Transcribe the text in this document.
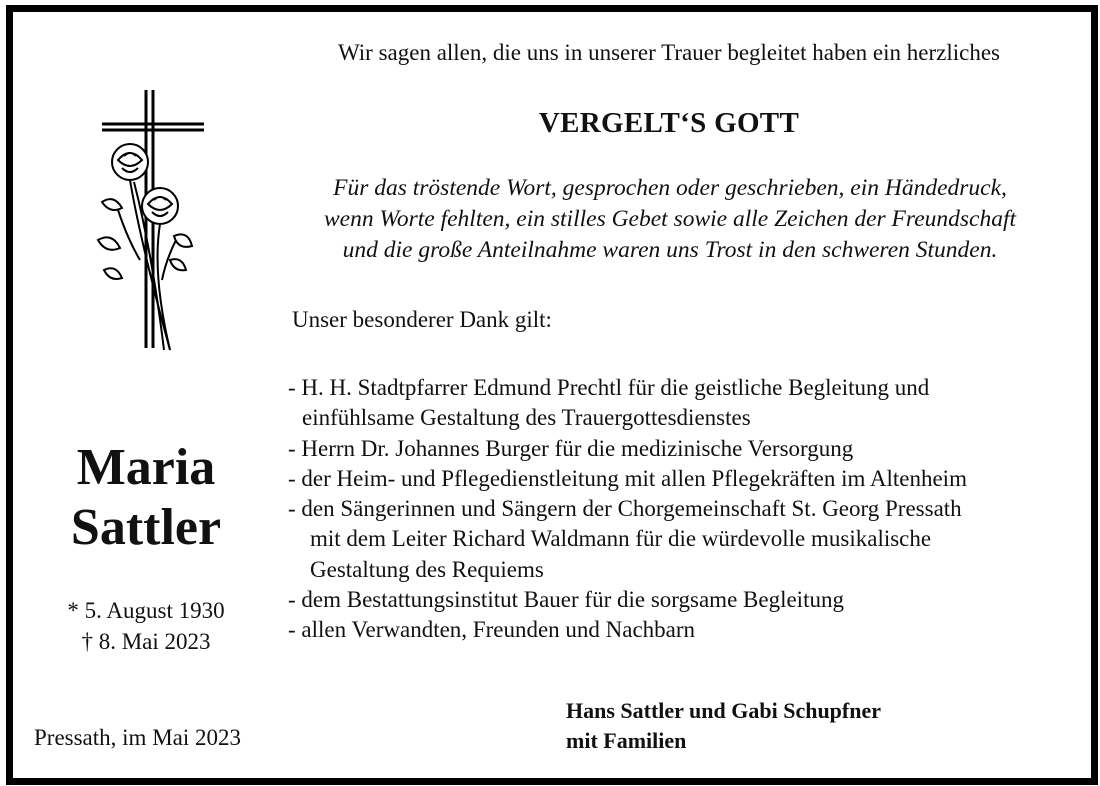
Wir sagen allen, die uns in unserer Trauer begleitet haben ein herzliches
VERGELT‘S GOTT
Für das tröstende Wort, gesprochen oder geschrieben, ein Händedruck,
wenn Worte fehlten, ein stilles Gebet sowie alle Zeichen der Freundschaft
und die große Anteilnahme waren uns Trost in den schweren Stunden.
Unser besonderer Dank gilt:
- H. H. Stadtpfarrer Edmund Prechtl für die geistliche Begleitung und
einfühlsame Gestaltung des Trauergottesdienstes
- Herrn Dr. Johannes Burger für die medizinische Versorgung
- der Heim- und Pflegedienstleitung mit allen Pflegekräften im Altenheim
- den Sängerinnen und Sängern der Chorgemeinschaft St. Georg Pressath
mit dem Leiter Richard Waldmann für die würdevolle musikalische
Gestaltung des Requiems
- dem Bestattungsinstitut Bauer für die sorgsame Begleitung
- allen Verwandten, Freunden und Nachbarn
Maria
Sattler
* 5. August 1930
† 8. Mai 2023
Pressath, im Mai 2023
Hans Sattler und Gabi Schupfner
mit Familien
